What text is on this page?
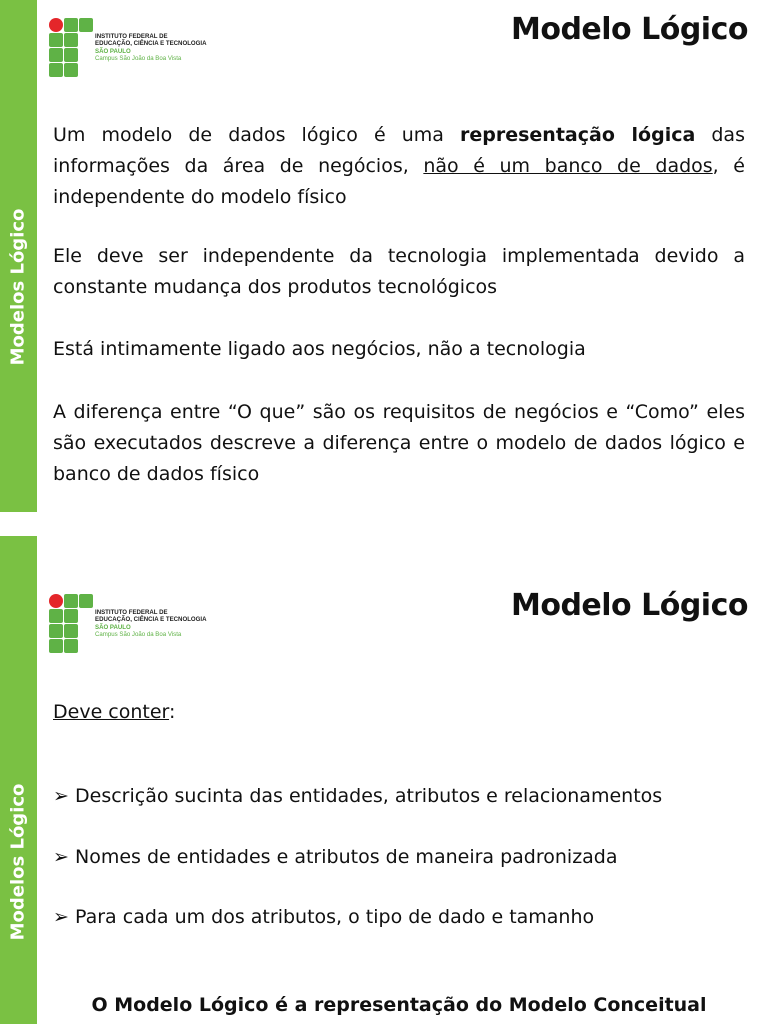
Modelos Lógico
INSTITUTO FEDERAL DE
EDUCAÇÃO, CIÊNCIA E TECNOLOGIA
SÃO PAULO
Campus São João da Boa Vista
Modelo Lógico
Um modelo de dados lógico é uma representação lógica das informações da área de negócios, não é um banco de dados, é independente do modelo físico
Ele deve ser independente da tecnologia implementada devido a constante mudança dos produtos tecnológicos
Está intimamente ligado aos negócios, não a tecnologia
A diferença entre “O que” são os requisitos de negócios e “Como” eles são executados descreve a diferença entre o modelo de dados lógico e banco de dados físico
Modelos Lógico
INSTITUTO FEDERAL DE
EDUCAÇÃO, CIÊNCIA E TECNOLOGIA
SÃO PAULO
Campus São João da Boa Vista
Modelo Lógico
Deve conter:
➢ Descrição sucinta das entidades, atributos e relacionamentos
➢ Nomes de entidades e atributos de maneira padronizada
➢ Para cada um dos atributos, o tipo de dado e tamanho
O Modelo Lógico é a representação do Modelo Conceitual
